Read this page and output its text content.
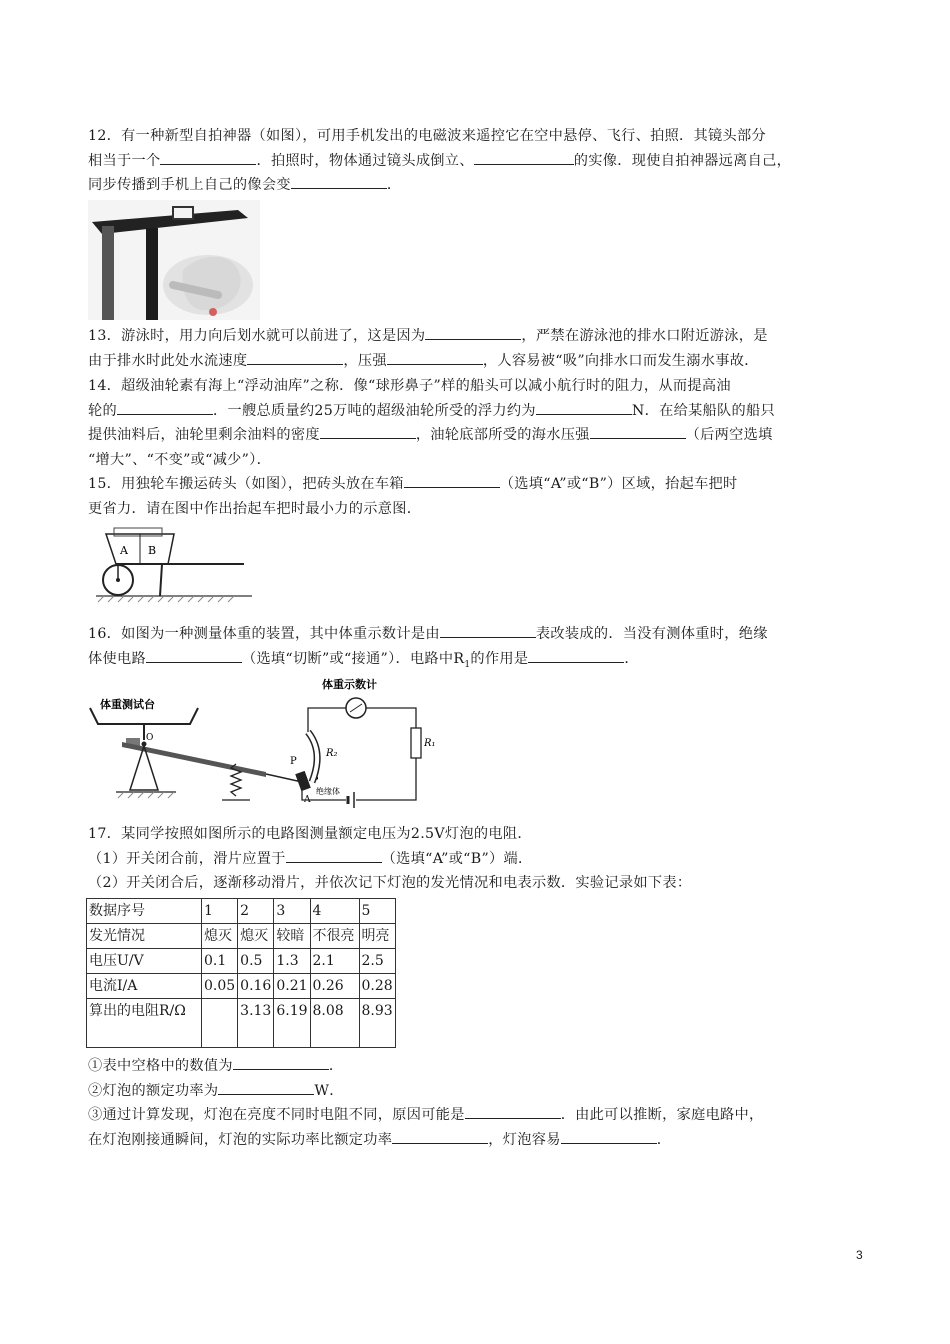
12．有一种新型自拍神器（如图），可用手机发出的电磁波来遥控它在空中悬停、飞行、拍照．其镜头部分
相当于一个	．拍照时，物体通过镜头成倒立、	的实像．现使自拍神器远离自己，
同步传播到手机上自己的像会变	．
13．游泳时，用力向后划水就可以前进了，这是因为	，严禁在游泳池的排水口附近游泳，是
由于排水时此处水流速度	，压强	，人容易被“吸”向排水口而发生溺水事故．
14．超级油轮素有海上“浮动油库”之称．像“球形鼻子”样的船头可以减小航行时的阻力，从而提高油
轮的	．一艘总质量约25万吨的超级油轮所受的浮力约为	N．在给某船队的船只
提供油料后，油轮里剩余油料的密度	，油轮底部所受的海水压强	（后两空选填
“增大”、“不变”或“减少”）．
15．用独轮车搬运砖头（如图），把砖头放在车箱	（选填“A”或“B”）区域，抬起车把时
更省力．请在图中作出抬起车把时最小力的示意图．
A B
16．如图为一种测量体重的装置，其中体重示数计是由	表改装成的．当没有测体重时，绝缘
体使电路	（选填“切断”或“接通”）．电路中$R_1$的作用是	．
体重测试台
O
P
B
A
绝缘体
R₂
体重示数计
R₁
17．某同学按照如图所示的电路图测量额定电压为2.5V灯泡的电阻．
（1）开关闭合前，滑片应置于	（选填“A”或“B”）端．
（2）开关闭合后，逐渐移动滑片，并依次记下灯泡的发光情况和电表示数．实验记录如下表：
数据序号	1	2	3	4	5
发光情况	熄灭	熄灭	较暗	不很亮	明亮
电压U/V	0.1	0.5	1.3	2.1	2.5
电流I/A	0.05	0.16	0.21	0.26	0.28
算出的电阻R/Ω		3.13	6.19	8.08	8.93
①表中空格中的数值为	．
②灯泡的额定功率为	W．
③通过计算发现，灯泡在亮度不同时电阻不同，原因可能是	．由此可以推断，家庭电路中，
在灯泡刚接通瞬间，灯泡的实际功率比额定功率	，灯泡容易	．
3
